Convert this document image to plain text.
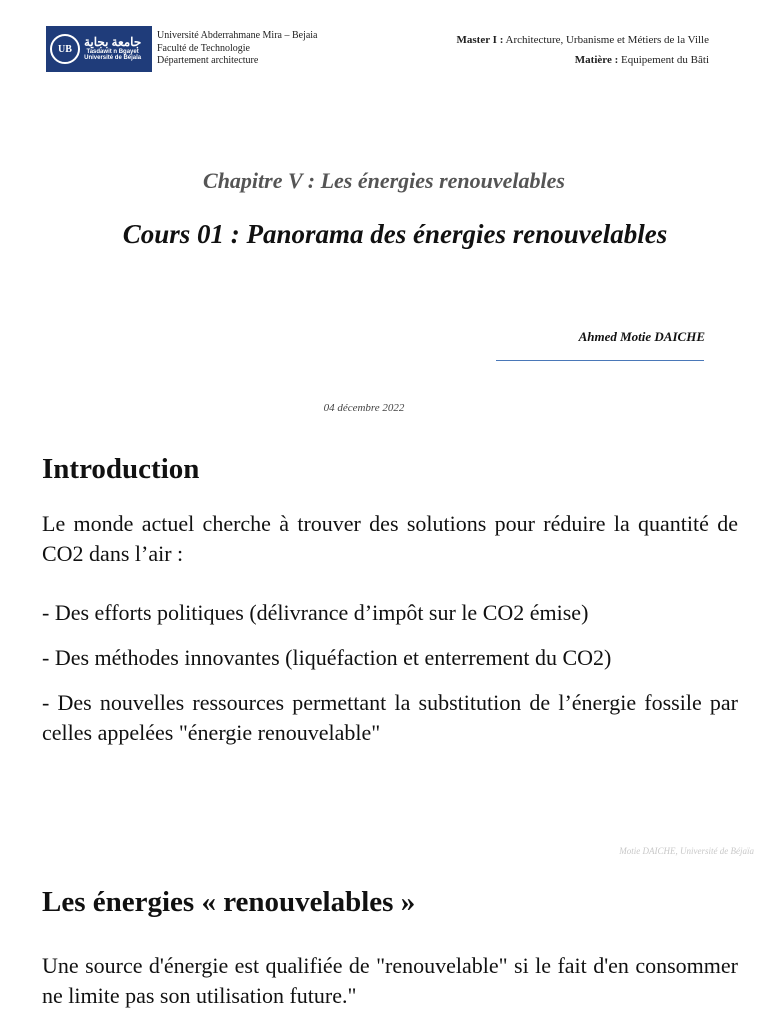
UB	جامعة بجاية
Tasdawit n Bgayet
Université de Béjaïa
Université Abderrahmane Mira – Bejaia
Faculté de Technologie
Département architecture
Master I : Architecture, Urbanisme et Métiers de la Ville
Matière : Equipement du Bâti
Chapitre V : Les énergies renouvelables
Cours 01 : Panorama des énergies renouvelables
Ahmed Motie DAICHE
04 décembre 2022
Introduction
Le monde actuel cherche à trouver des solutions pour réduire la quantité de CO2 dans l’air :
- Des efforts politiques (délivrance d’impôt sur le CO2 émise)
- Des méthodes innovantes (liquéfaction et enterrement du CO2)
- Des nouvelles ressources permettant la substitution de l’énergie fossile par celles appelées "énergie renouvelable"
Motie DAICHE, Université de Béjaïa
Les énergies « renouvelables »
Une source d'énergie est qualifiée de "renouvelable" si le fait d'en consommer ne limite pas son utilisation future."
